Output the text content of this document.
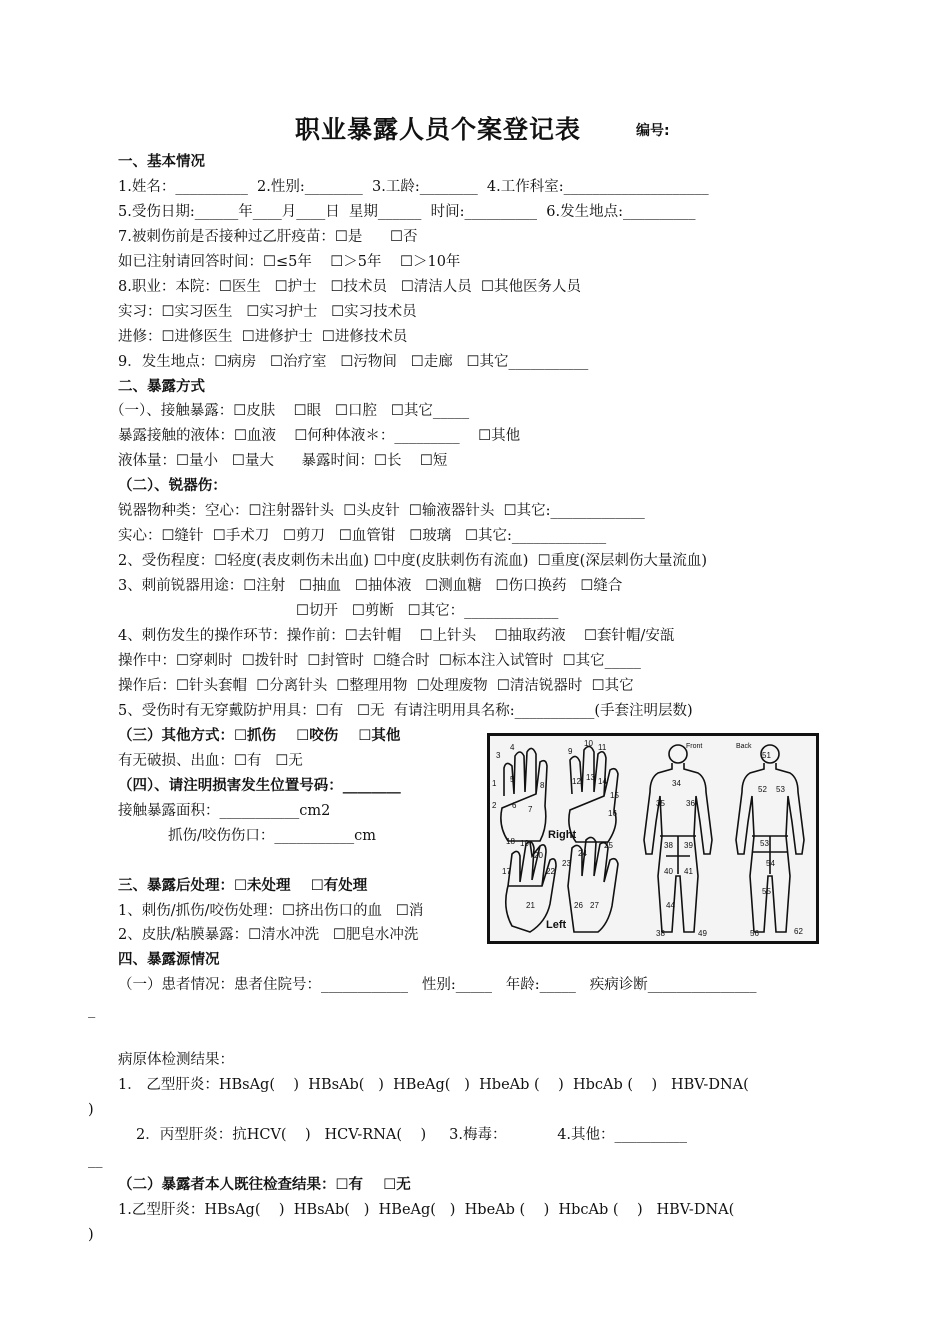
职业暴露人员个案登记表	编号:
一、基本情况
1.姓名：__________  2.性别:________  3.工龄:________  4.工作科室:____________________
5.受伤日期:______年____月____日  星期______  时间:__________  6.发生地点:__________
7.被刺伤前是否接种过乙肝疫苗：☐是      ☐否
如已注射请回答时间：☐≤5年    ☐＞5年    ☐＞10年
8.职业：本院：☐医生   ☐护士   ☐技术员   ☐清洁人员  ☐其他医务人员
实习：☐实习医生   ☐实习护士   ☐实习技术员
进修：☐进修医生  ☐进修护士  ☐进修技术员
9．发生地点：☐病房   ☐治疗室   ☐污物间   ☐走廊   ☐其它___________
二、暴露方式
（一）、接触暴露：☐皮肤    ☐眼   ☐口腔   ☐其它_____
暴露接触的液体：☐血液    ☐何种体液＊：_________    ☐其他
液体量：☐量小   ☐量大      暴露时间：☐长    ☐短
（二）、锐器伤：
锐器物种类：空心：☐注射器针头  ☐头皮针  ☐输液器针头  ☐其它:_____________
实心：☐缝针  ☐手术刀   ☐剪刀   ☐血管钳   ☐玻璃   ☐其它:_____________
2、受伤程度：☐轻度(表皮刺伤未出血) ☐中度(皮肤刺伤有流血)  ☐重度(深层刺伤大量流血)
3、刺前锐器用途：☐注射   ☐抽血   ☐抽体液   ☐测血糖   ☐伤口换药   ☐缝合
☐切开   ☐剪断   ☐其它：_____________
4、刺伤发生的操作环节：操作前：☐去针帽    ☐上针头    ☐抽取药液    ☐套针帽/安瓿
操作中：☐穿刺时  ☐拨针时  ☐封管时  ☐缝合时  ☐标本注入试管时  ☐其它_____
操作后：☐针头套帽  ☐分离针头  ☐整理用物  ☐处理废物  ☐清洁锐器时  ☐其它
5、受伤时有无穿戴防护用具：☐有   ☐无  有请注明用具名称:___________(手套注明层数)
（三）其他方式：☐抓伤    ☐咬伤    ☐其他
有无破损、出血：☐有   ☐无
（四）、请注明损害发生位置号码：________
接触暴露面积：___________cm2
抓伤/咬伤伤口：___________cm
三、暴露后处理：☐未处理    ☐有处理
1、刺伤/抓伤/咬伤处理：☐挤出伤口的血   ☐消
2、皮肤/粘膜暴露：☐清水冲洗   ☐肥皂水冲洗
四、暴露源情况
（一）患者情况：患者住院号：____________   性别:_____   年龄:_____   疾病诊断_______________
_
病原体检测结果：
1． 乙型肝炎：HBsAg(    )  HBsAb(   )  HBeAg(   )  HbeAb (    )  HbcAb (    )   HBV-DNA(
)
2．丙型肝炎：抗HCV(    )   HCV-RNA(    )     3.梅毒：           4.其他：__________
__
（二）暴露者本人既往检查结果：☐有    ☐无
1.乙型肝炎：HBsAg(    )  HBsAb(   )  HBeAg(   )  HbeAb (    )  HbcAb (    )   HBV-DNA(
)
3
4	9
10 11
1
2
5
6 7
8	12 13 14
15
16
17
18 19
20
21
22
23
24
25
26 27
Right
Left
Front	Back
34
35	36
38 39
40 41
44
38	49
51
52 53
53
54
55
56	62
